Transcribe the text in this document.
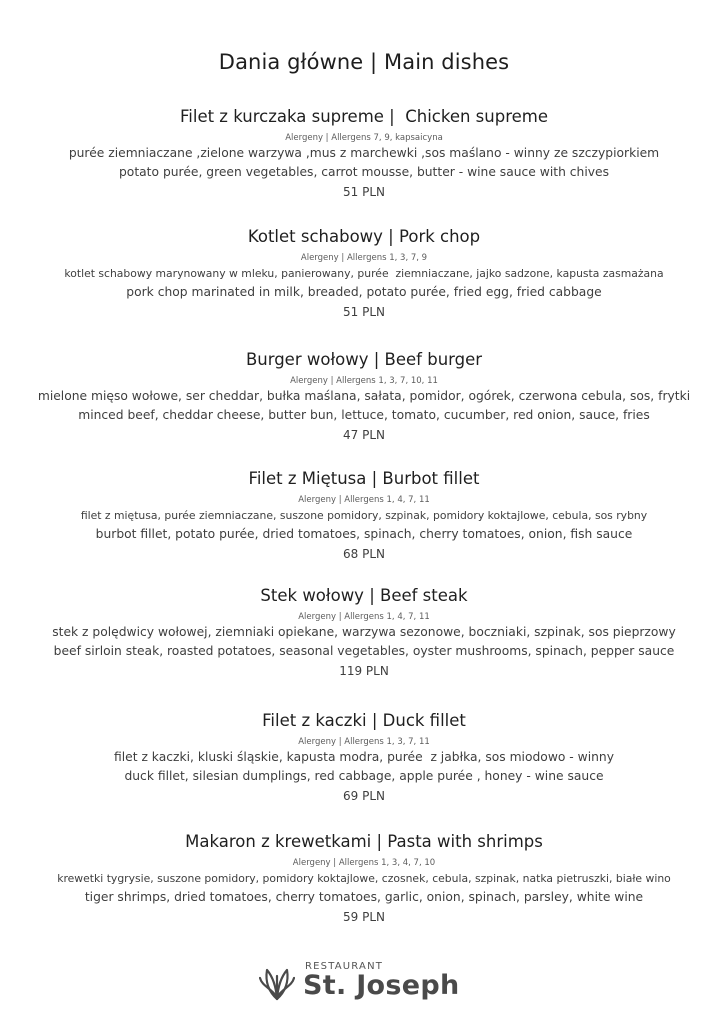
Dania główne | Main dishes
Filet z kurczaka supreme |  Chicken supreme
Alergeny | Allergens 7, 9, kapsaicyna
purée ziemniaczane ,zielone warzywa ,mus z marchewki ,sos maślano - winny ze szczypiorkiem
potato purée, green vegetables, carrot mousse, butter - wine sauce with chives
51 PLN
Kotlet schabowy | Pork chop
Alergeny | Allergens 1, 3, 7, 9
kotlet schabowy marynowany w mleku, panierowany, purée  ziemniaczane, jajko sadzone, kapusta zasmażana
pork chop marinated in milk, breaded, potato purée, fried egg, fried cabbage
51 PLN
Burger wołowy | Beef burger
Alergeny | Allergens 1, 3, 7, 10, 11
mielone mięso wołowe, ser cheddar, bułka maślana, sałata, pomidor, ogórek, czerwona cebula, sos, frytki
minced beef, cheddar cheese, butter bun, lettuce, tomato, cucumber, red onion, sauce, fries
47 PLN
Filet z Miętusa | Burbot fillet
Alergeny | Allergens 1, 4, 7, 11
filet z miętusa, purée ziemniaczane, suszone pomidory, szpinak, pomidory koktajlowe, cebula, sos rybny
burbot fillet, potato purée, dried tomatoes, spinach, cherry tomatoes, onion, fish sauce
68 PLN
Stek wołowy | Beef steak
Alergeny | Allergens 1, 4, 7, 11
stek z polędwicy wołowej, ziemniaki opiekane, warzywa sezonowe, boczniaki, szpinak, sos pieprzowy
beef sirloin steak, roasted potatoes, seasonal vegetables, oyster mushrooms, spinach, pepper sauce
119 PLN
Filet z kaczki | Duck fillet
Alergeny | Allergens 1, 3, 7, 11
filet z kaczki, kluski śląskie, kapusta modra, purée  z jabłka, sos miodowo - winny
duck fillet, silesian dumplings, red cabbage, apple purée , honey - wine sauce
69 PLN
Makaron z krewetkami | Pasta with shrimps
Alergeny | Allergens 1, 3, 4, 7, 10
krewetki tygrysie, suszone pomidory, pomidory koktajlowe, czosnek, cebula, szpinak, natka pietruszki, białe wino
tiger shrimps, dried tomatoes, cherry tomatoes, garlic, onion, spinach, parsley, white wine
59 PLN
RESTAURANT
St. Joseph
